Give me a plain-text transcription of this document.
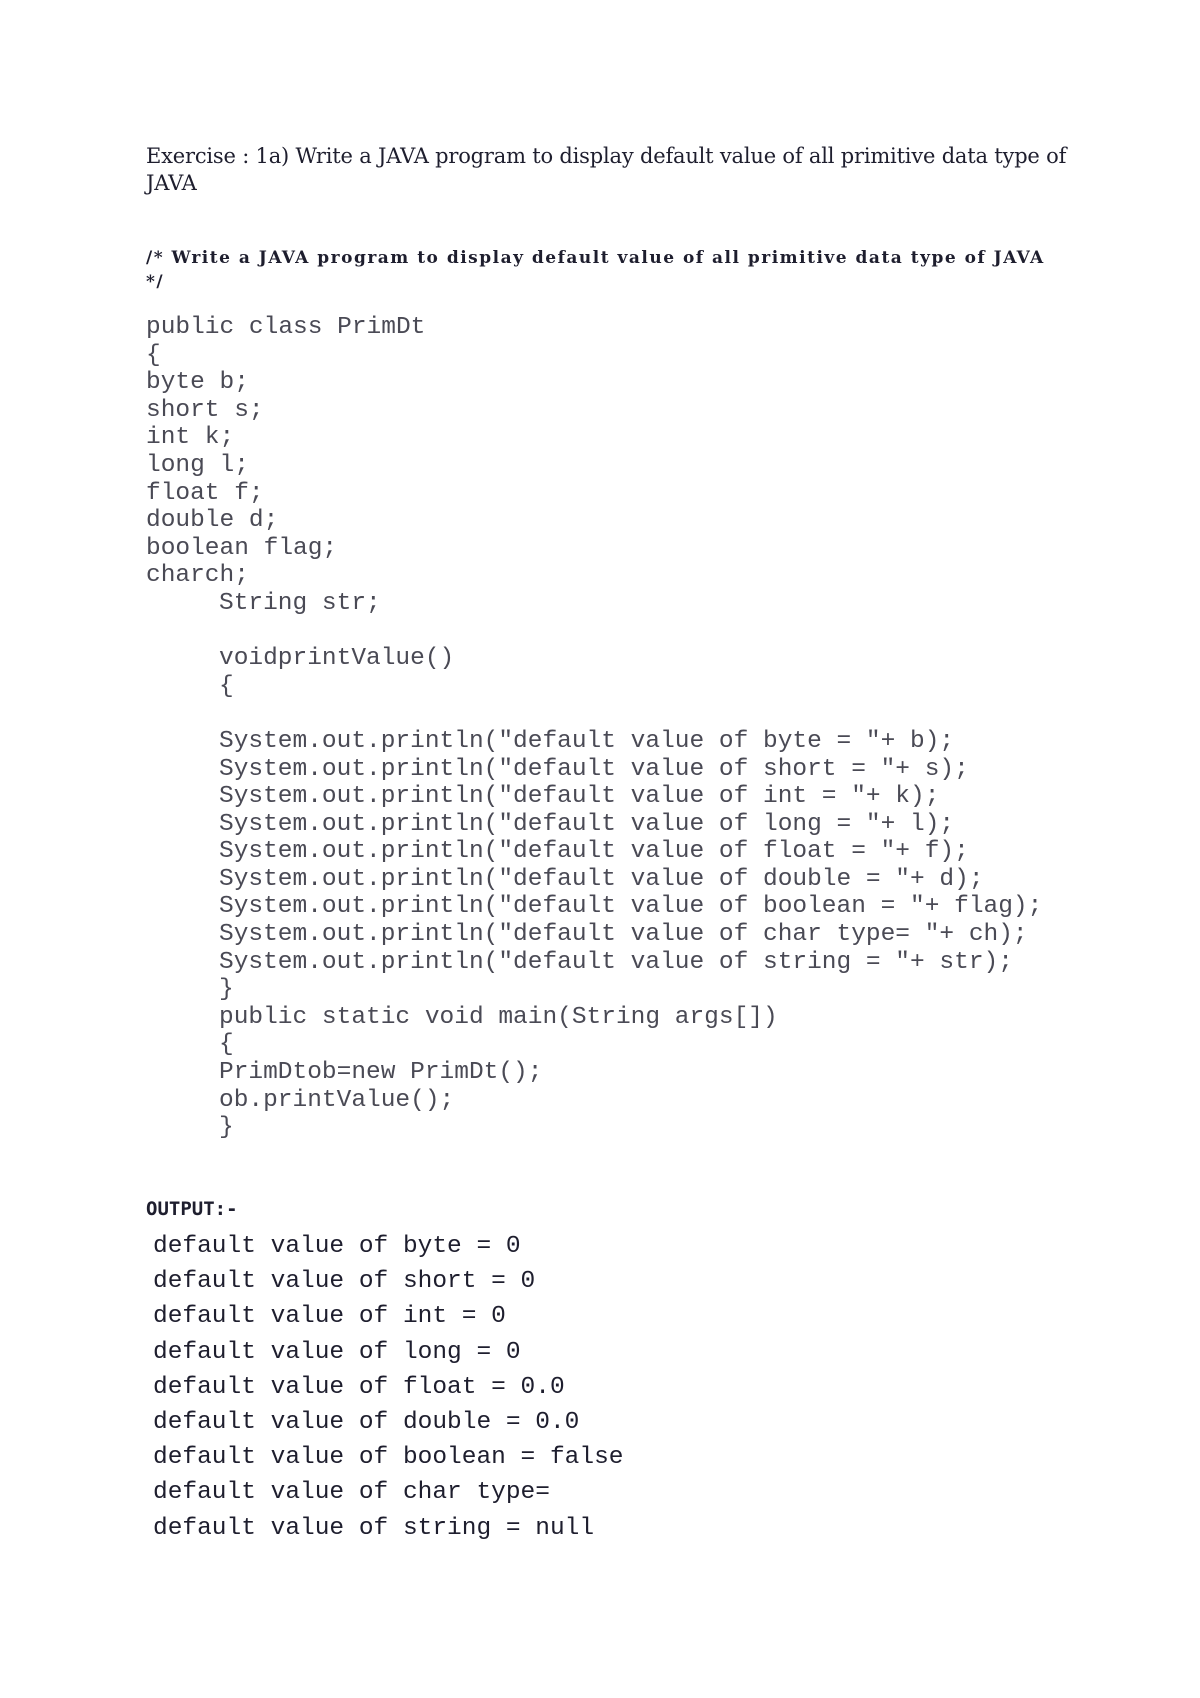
Exercise : 1a) Write a JAVA program to display default value of all primitive data type of JAVA

/* Write a JAVA program to display default value of all primitive data type of JAVA */

public class PrimDt
{
byte b;
short s;
int k;
long l;
float f;
double d;
boolean flag;
charch;
String str;
voidprintValue()
{
System.out.println("default value of byte = "+ b);
System.out.println("default value of short = "+ s);
System.out.println("default value of int = "+ k);
System.out.println("default value of long = "+ l);
System.out.println("default value of float = "+ f);
System.out.println("default value of double = "+ d);
System.out.println("default value of boolean = "+ flag);
System.out.println("default value of char type= "+ ch);
System.out.println("default value of string = "+ str);
}
public static void main(String args[])
{
PrimDtob=new PrimDt();
ob.printValue();
}

OUTPUT:-

default value of byte = 0
default value of short = 0
default value of int = 0
default value of long = 0
default value of float = 0.0
default value of double = 0.0
default value of boolean = false
default value of char type=
default value of string = null
